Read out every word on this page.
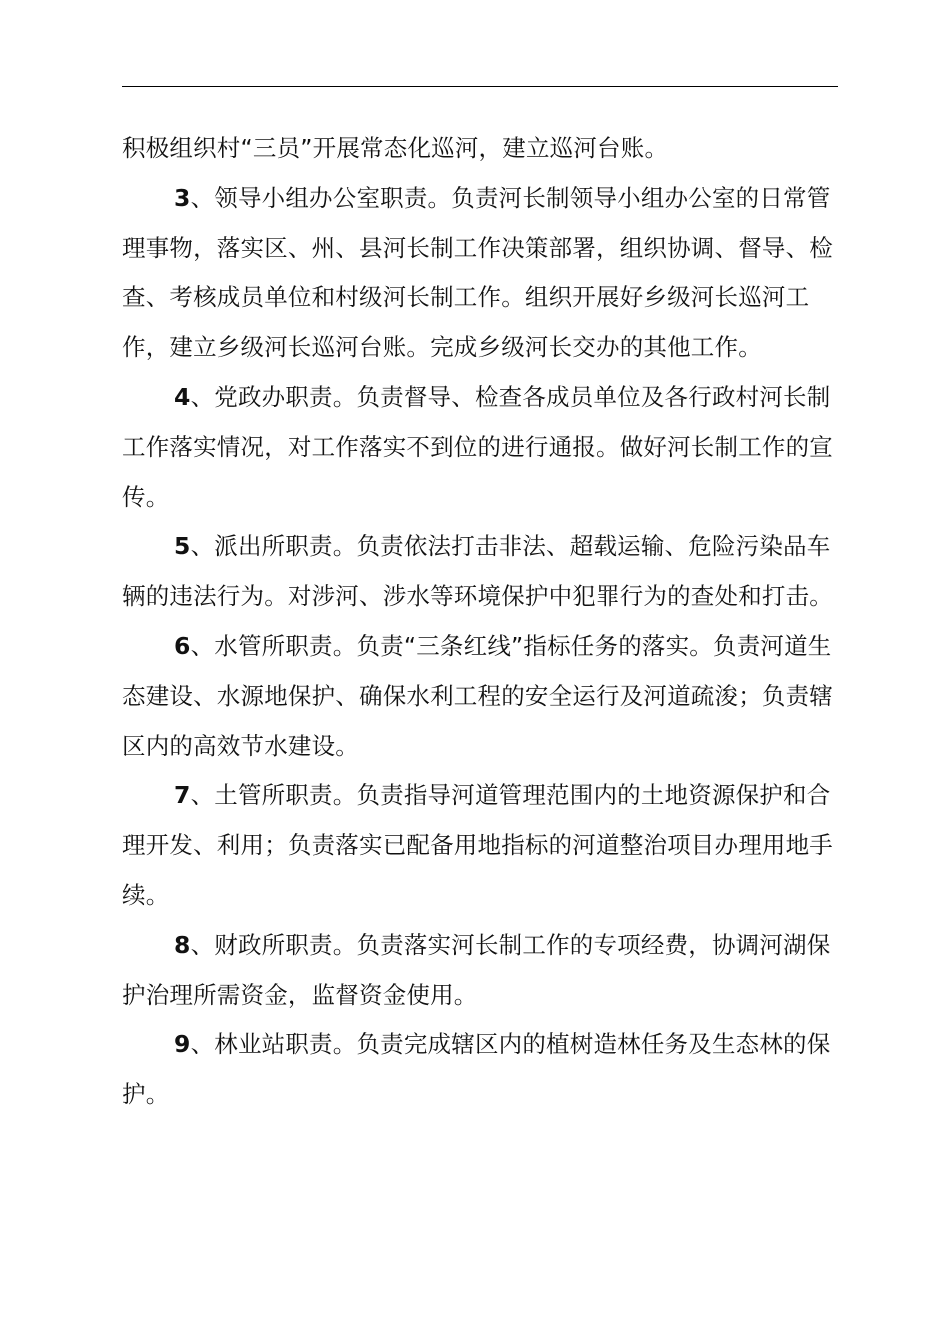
积极组织村“三员”开展常态化巡河，建立巡河台账。

3、领导小组办公室职责。负责河长制领导小组办公室的日常管理事物，落实区、州、县河长制工作决策部署，组织协调、督导、检查、考核成员单位和村级河长制工作。组织开展好乡级河长巡河工作，建立乡级河长巡河台账。完成乡级河长交办的其他工作。

4、党政办职责。负责督导、检查各成员单位及各行政村河长制工作落实情况，对工作落实不到位的进行通报。做好河长制工作的宣传。

5、派出所职责。负责依法打击非法、超载运输、危险污染品车辆的违法行为。对涉河、涉水等环境保护中犯罪行为的查处和打击。

6、水管所职责。负责“三条红线”指标任务的落实。负责河道生态建设、水源地保护、确保水利工程的安全运行及河道疏浚；负责辖区内的高效节水建设。

7、土管所职责。负责指导河道管理范围内的土地资源保护和合理开发、利用；负责落实已配备用地指标的河道整治项目办理用地手续。

8、财政所职责。负责落实河长制工作的专项经费，协调河湖保护治理所需资金，监督资金使用。

9、林业站职责。负责完成辖区内的植树造林任务及生态林的保护。
